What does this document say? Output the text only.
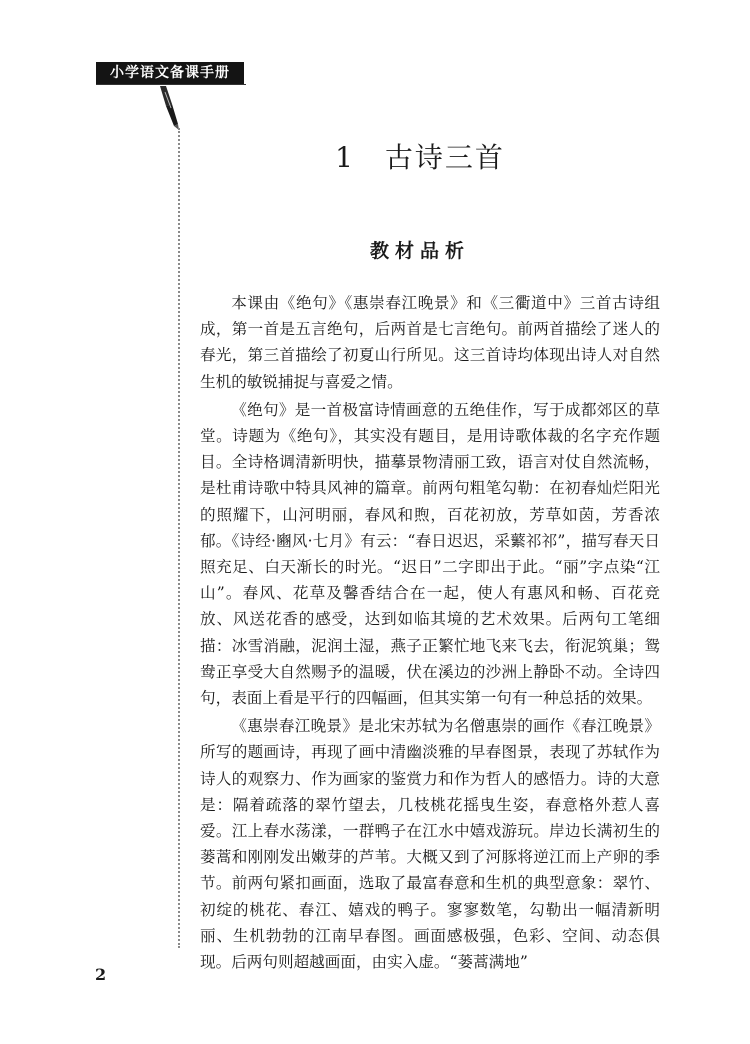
小学语文备课手册
1　古诗三首
教材品析

本课由《绝句》《惠崇春江晚景》和《三衢道中》三首古诗组成，第一首是五言绝句，后两首是七言绝句。前两首描绘了迷人的春光，第三首描绘了初夏山行所见。这三首诗均体现出诗人对自然生机的敏锐捕捉与喜爱之情。

《绝句》是一首极富诗情画意的五绝佳作，写于成都郊区的草堂。诗题为《绝句》，其实没有题目，是用诗歌体裁的名字充作题目。全诗格调清新明快，描摹景物清丽工致，语言对仗自然流畅，是杜甫诗歌中特具风神的篇章。前两句粗笔勾勒：在初春灿烂阳光的照耀下，山河明丽，春风和煦，百花初放，芳草如茵，芳香浓郁。《诗经·豳风·七月》有云：“春日迟迟，采蘩祁祁”，描写春天日照充足、白天渐长的时光。“迟日”二字即出于此。“丽”字点染“江山”。春风、花草及馨香结合在一起，使人有惠风和畅、百花竞放、风送花香的感受，达到如临其境的艺术效果。后两句工笔细描：冰雪消融，泥润土湿，燕子正繁忙地飞来飞去，衔泥筑巢；鸳鸯正享受大自然赐予的温暖，伏在溪边的沙洲上静卧不动。全诗四句，表面上看是平行的四幅画，但其实第一句有一种总括的效果。

《惠崇春江晚景》是北宋苏轼为名僧惠崇的画作《春江晚景》所写的题画诗，再现了画中清幽淡雅的早春图景，表现了苏轼作为诗人的观察力、作为画家的鉴赏力和作为哲人的感悟力。诗的大意是：隔着疏落的翠竹望去，几枝桃花摇曳生姿，春意格外惹人喜爱。江上春水荡漾，一群鸭子在江水中嬉戏游玩。岸边长满初生的蒌蒿和刚刚发出嫩芽的芦苇。大概又到了河豚将逆江而上产卵的季节。前两句紧扣画面，选取了最富春意和生机的典型意象：翠竹、初绽的桃花、春江、嬉戏的鸭子。寥寥数笔，勾勒出一幅清新明丽、生机勃勃的江南早春图。画面感极强，色彩、空间、动态俱现。后两句则超越画面，由实入虚。“蒌蒿满地”

2
